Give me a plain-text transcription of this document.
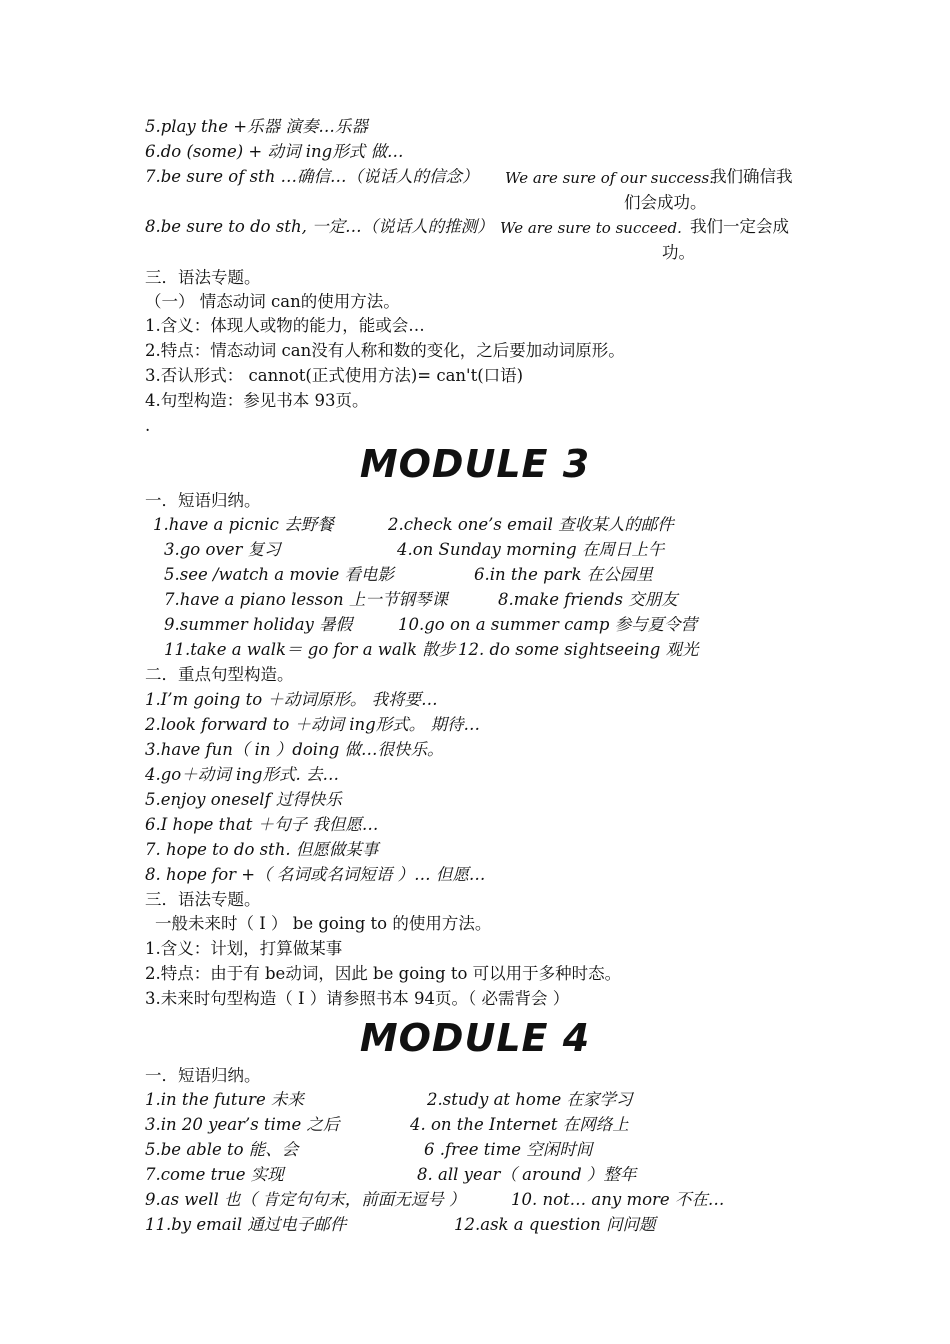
5.play the +乐器 演奏…乐器
6.do (some) + 动词 ing形式 做…
7.be sure of sth …确信…（说话人的信念） We are sure of our success.
我们确信我
们会成功。
8.be sure to do sth, 一定…（说话人的推测） We are sure to succeed. 我们一定会成
功。
三．语法专题。
（一） 情态动词 can的使用方法。
1.含义：体现人或物的能力，能或会…
2.特点：情态动词 can没有人称和数的变化，之后要加动词原形。
3.否认形式： cannot(正式使用方法)= can't(口语)
4.句型构造：参见书本 93页。
.
MODULE 3
一．短语归纳。
1.have a picnic 去野餐	2.check one’s email 查收某人的邮件
3.go over 复习	4.on Sunday morning 在周日上午
5.see /watch a movie 看电影	6.in the park 在公园里
7.have a piano lesson 上一节钢琴课	8.make friends 交朋友
9.summer holiday 暑假	10.go on a summer camp 参与夏令营
11.take a walk＝ go for a walk 散步 12. do some sightseeing 观光
二．重点句型构造。
1.I’m going to ＋动词原形。 我将要…
2.look forward to ＋动词 ing形式。 期待…
3.have fun（ in ）doing 做…很快乐。
4.go＋动词 ing形式. 去…
5.enjoy oneself 过得快乐
6.I hope that ＋句子 我但愿…
7. hope to do sth. 但愿做某事
8. hope for +（ 名词或名词短语 ）… 但愿…
三．语法专题。
一般未来时（ Ⅰ ） be going to 的使用方法。
1.含义：计划，打算做某事
2.特点：由于有 be动词，因此 be going to 可以用于多种时态。
3.未来时句型构造（ Ⅰ ）请参照书本 94页。（ 必需背会 ）
MODULE 4
一．短语归纳。
1.in the future 未来	2.study at home 在家学习
3.in 20 year’s time 之后	4. on the Internet 在网络上
5.be able to 能、会	6 .free time 空闲时间
7.come true 实现	8. all year（ around ）整年
9.as well 也（ 肯定句句末，前面无逗号 ）	10. not… any more 不在…
11.by email 通过电子邮件	12.ask a question 问问题
